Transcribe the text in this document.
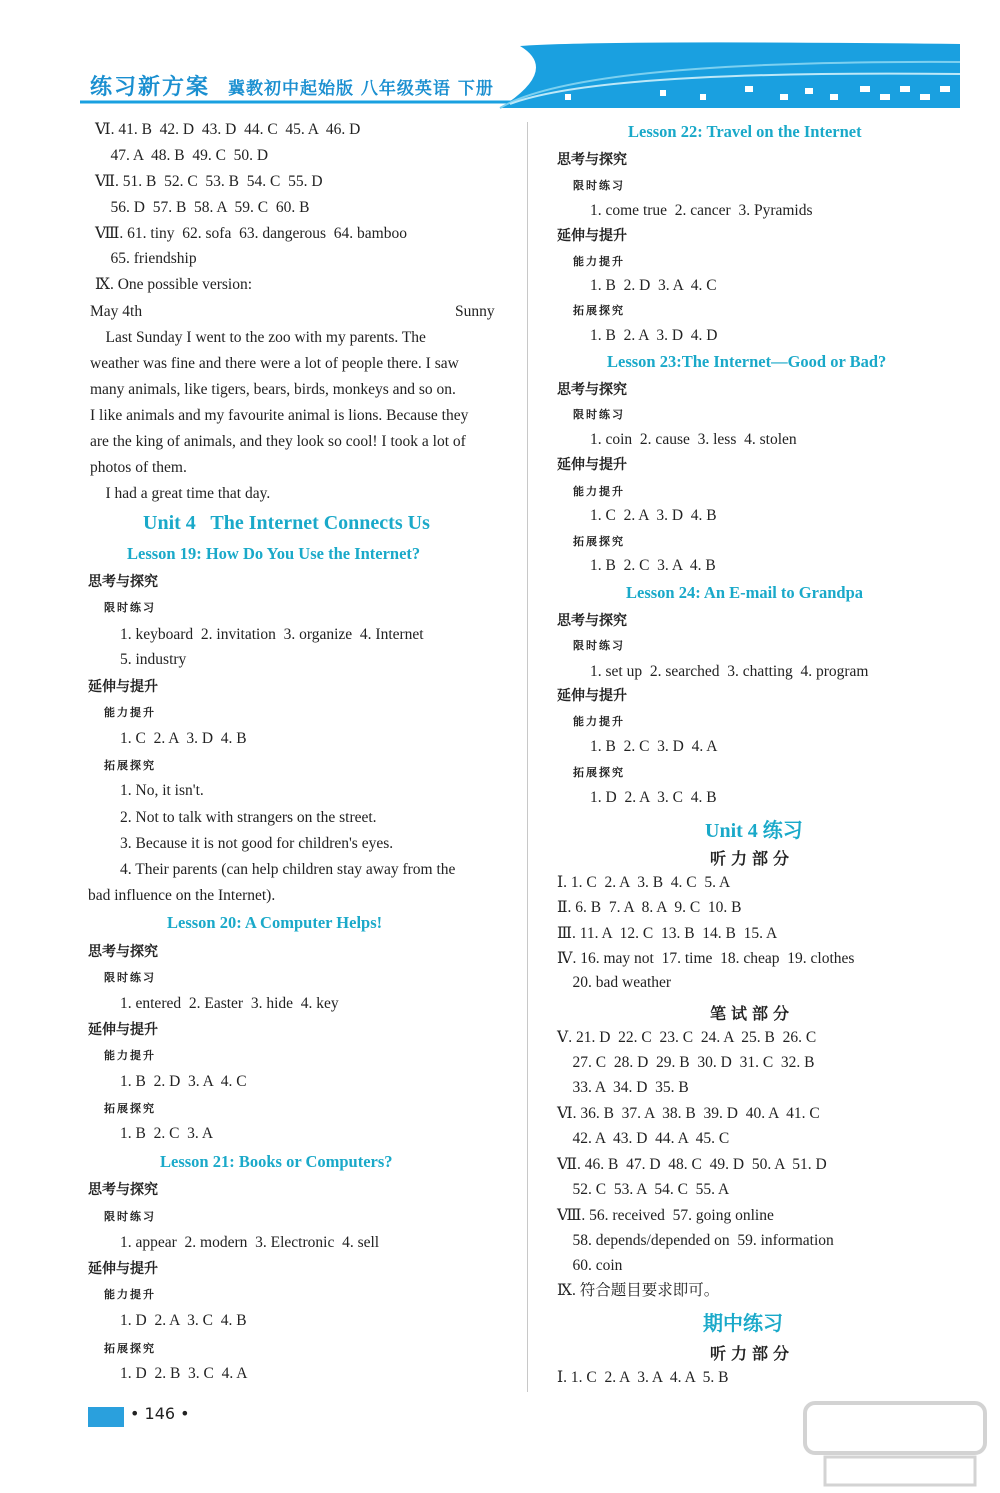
练习新方案 冀教初中起始版 八年级英语 下册
Ⅵ. 41. B  42. D  43. D  44. C  45. A  46. D
47. A  48. B  49. C  50. D
Ⅶ. 51. B  52. C  53. B  54. C  55. D
56. D  57. B  58. A  59. C  60. B
Ⅷ. 61. tiny  62. sofa  63. dangerous  64. bamboo
65. friendship
Ⅸ. One possible version:
May 4th	Sunny
Last Sunday I went to the zoo with my parents. The
weather was fine and there were a lot of people there. I saw
many animals, like tigers, bears, birds, monkeys and so on.
I like animals and my favourite animal is lions. Because they
are the king of animals, and they look so cool! I took a lot of
photos of them.
I had a great time that day.
Unit 4   The Internet Connects Us
Lesson 19: How Do You Use the Internet?
思考与探究
限时练习
1. keyboard  2. invitation  3. organize  4. Internet
5. industry
延伸与提升
能力提升
1. C  2. A  3. D  4. B
拓展探究
1. No, it isn't.
2. Not to talk with strangers on the street.
3. Because it is not good for children's eyes.
4. Their parents (can help children stay away from the
bad influence on the Internet).
Lesson 20: A Computer Helps!
思考与探究
限时练习
1. entered  2. Easter  3. hide  4. key
延伸与提升
能力提升
1. B  2. D  3. A  4. C
拓展探究
1. B  2. C  3. A
Lesson 21: Books or Computers?
思考与探究
限时练习
1. appear  2. modern  3. Electronic  4. sell
延伸与提升
能力提升
1. D  2. A  3. C  4. B
拓展探究
1. D  2. B  3. C  4. A
Lesson 22: Travel on the Internet
思考与探究
限时练习
1. come true  2. cancer  3. Pyramids
延伸与提升
能力提升
1. B  2. D  3. A  4. C
拓展探究
1. B  2. A  3. D  4. D
Lesson 23:The Internet—Good or Bad?
思考与探究
限时练习
1. coin  2. cause  3. less  4. stolen
延伸与提升
能力提升
1. C  2. A  3. D  4. B
拓展探究
1. B  2. C  3. A  4. B
Lesson 24: An E-mail to Grandpa
思考与探究
限时练习
1. set up  2. searched  3. chatting  4. program
延伸与提升
能力提升
1. B  2. C  3. D  4. A
拓展探究
1. D  2. A  3. C  4. B
Unit 4 练习
听力部分
Ⅰ. 1. C  2. A  3. B  4. C  5. A
Ⅱ. 6. B  7. A  8. A  9. C  10. B
Ⅲ. 11. A  12. C  13. B  14. B  15. A
Ⅳ. 16. may not  17. time  18. cheap  19. clothes
20. bad weather
笔试部分
Ⅴ. 21. D  22. C  23. C  24. A  25. B  26. C
27. C  28. D  29. B  30. D  31. C  32. B
33. A  34. D  35. B
Ⅵ. 36. B  37. A  38. B  39. D  40. A  41. C
42. A  43. D  44. A  45. C
Ⅶ. 46. B  47. D  48. C  49. D  50. A  51. D
52. C  53. A  54. C  55. A
Ⅷ. 56. received  57. going online
58. depends/depended on  59. information
60. coin
Ⅸ. 符合题目要求即可。
期中练习
听力部分
Ⅰ. 1. C  2. A  3. A  4. A  5. B
• 146 •
